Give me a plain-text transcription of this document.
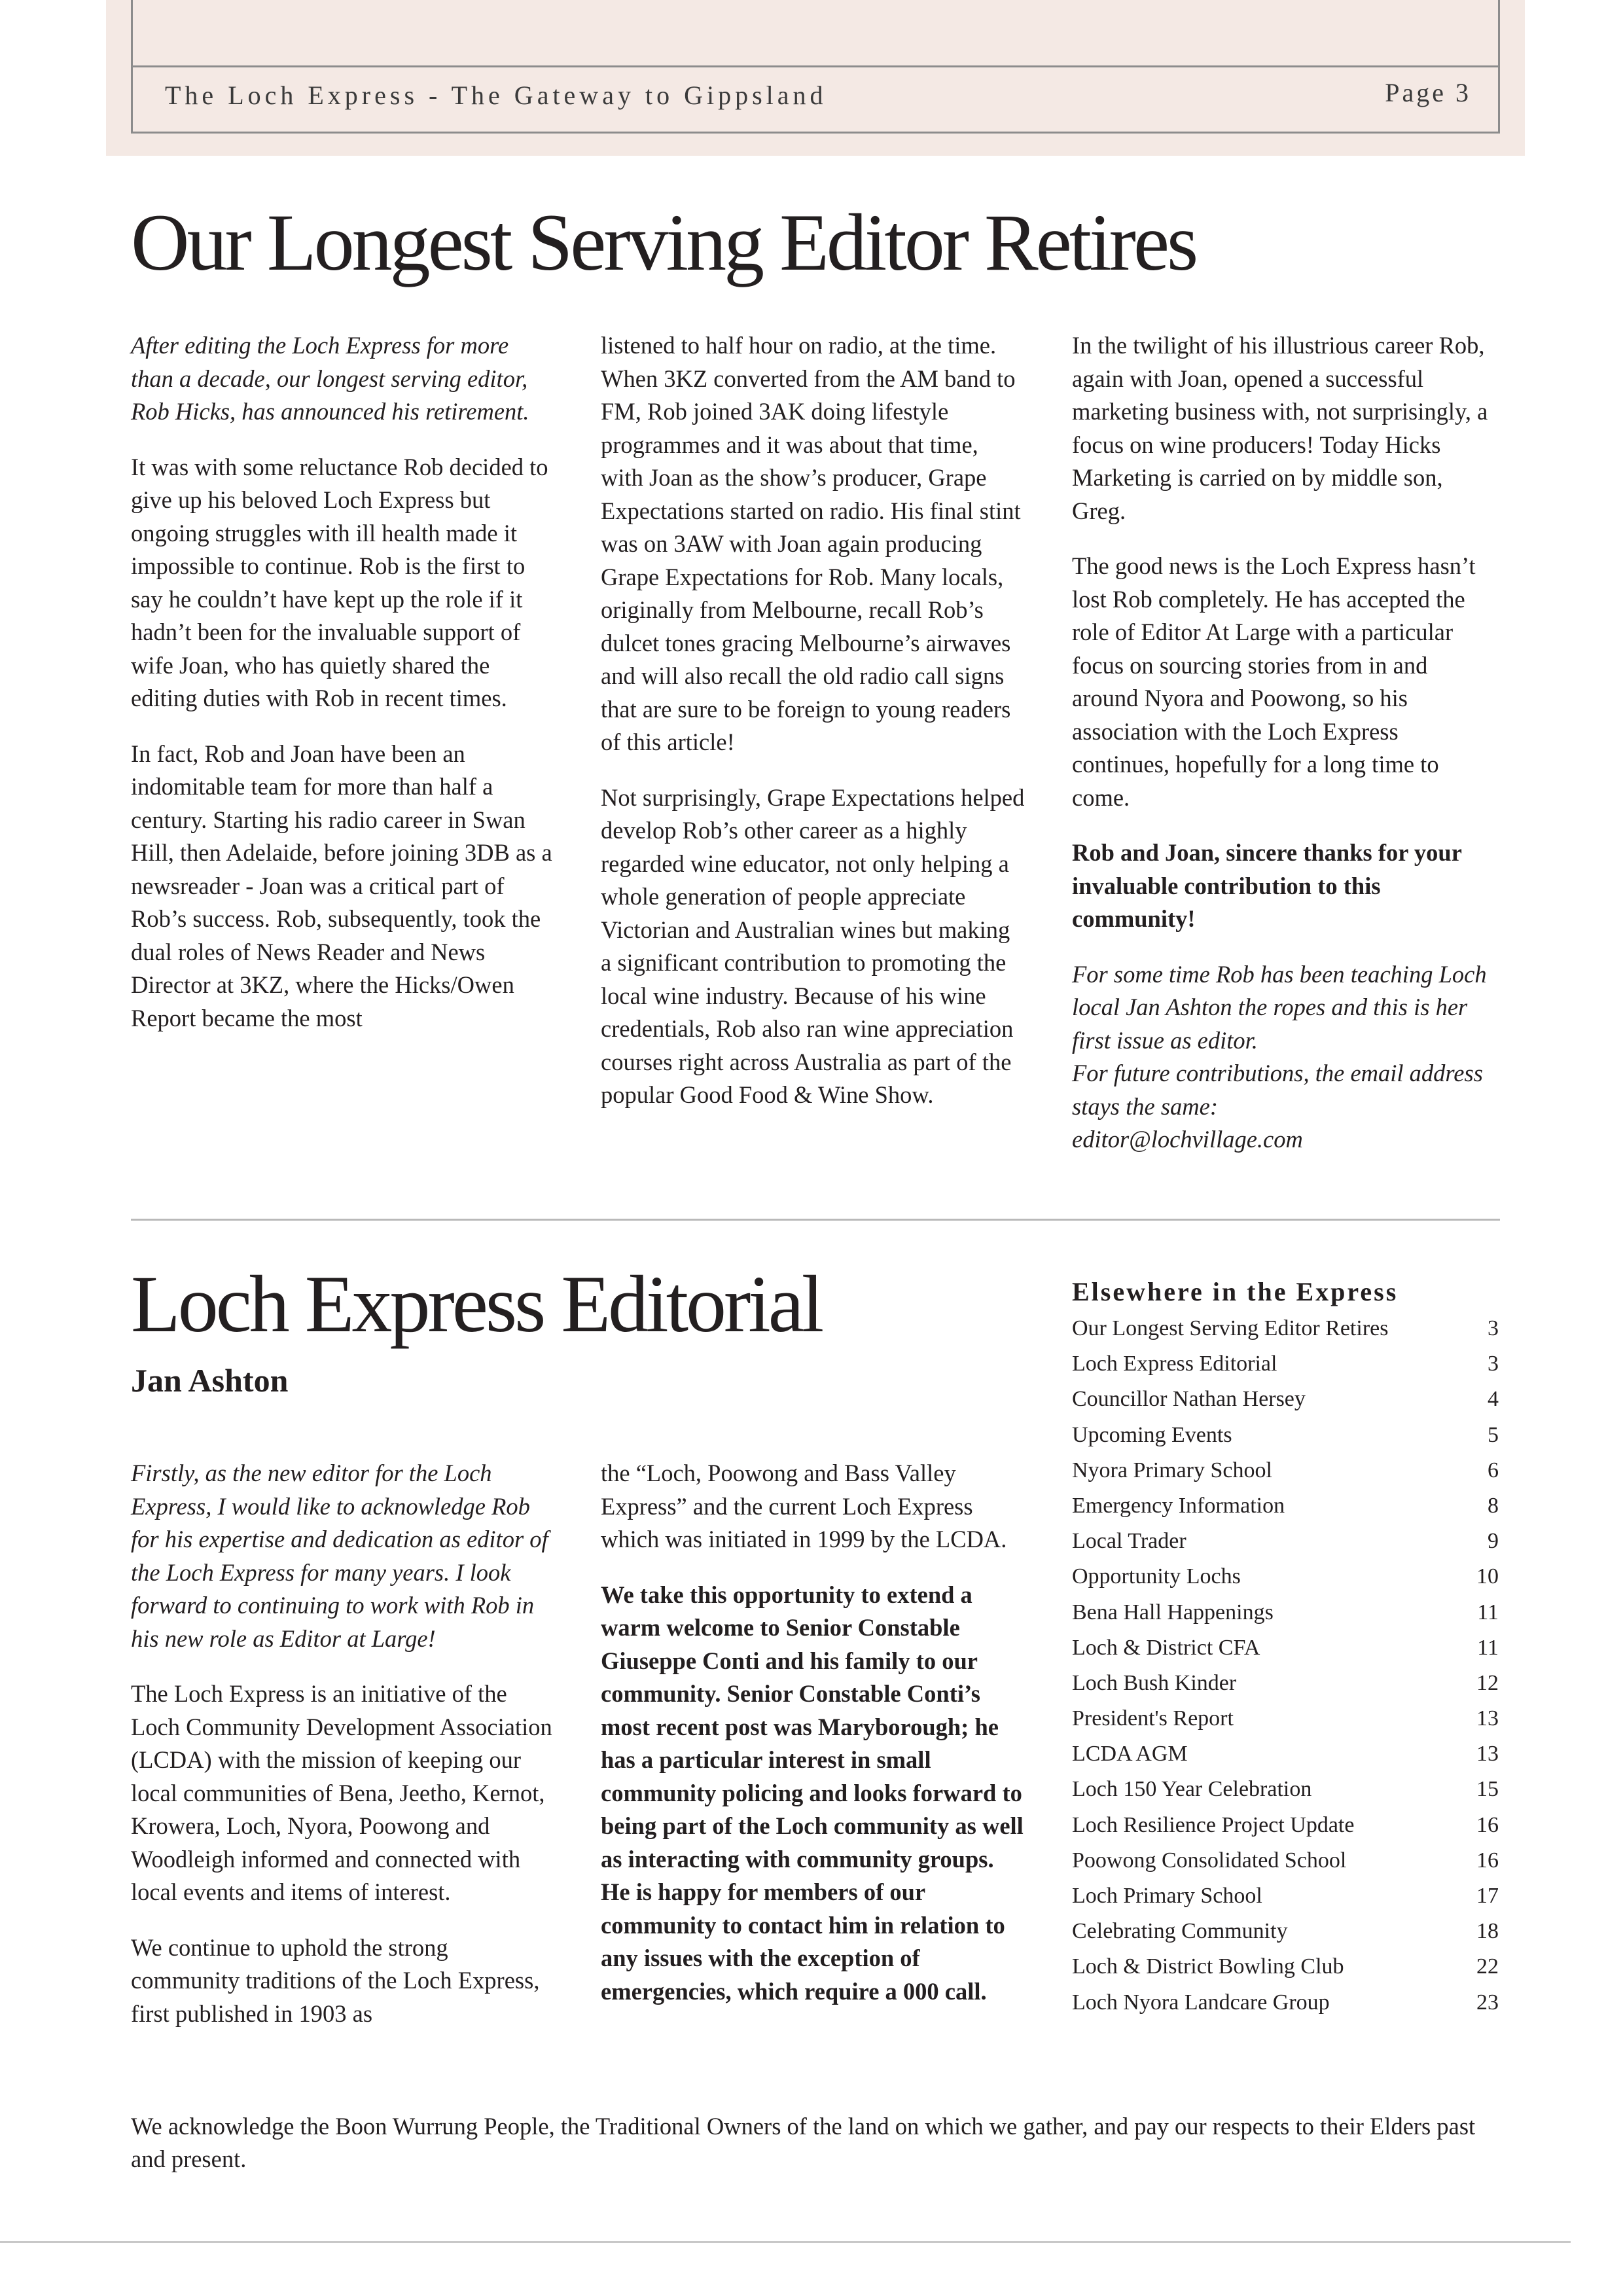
The Loch Express - The Gateway to Gippsland	Page 3
Our Longest Serving Editor Retires

After editing the Loch Express for more than a decade, our longest serving editor, Rob Hicks, has announced his retirement.

It was with some reluctance Rob decided to give up his beloved Loch Express but ongoing struggles with ill health made it impossible to continue. Rob is the first to say he couldn’t have kept up the role if it hadn’t been for the invaluable support of wife Joan, who has quietly shared the editing duties with Rob in recent times.

In fact, Rob and Joan have been an indomitable team for more than half a century. Starting his radio career in Swan Hill, then Adelaide, before joining 3DB as a newsreader - Joan was a critical part of Rob’s success. Rob, subsequently, took the dual roles of News Reader and News Director at 3KZ, where the Hicks/Owen Report became the most

listened to half hour on radio, at the time. When 3KZ converted from the AM band to FM, Rob joined 3AK doing lifestyle programmes and it was about that time, with Joan as the show’s producer, Grape Expectations started on radio. His final stint was on 3AW with Joan again producing Grape Expectations for Rob. Many locals, originally from Melbourne, recall Rob’s dulcet tones gracing Melbourne’s airwaves and will also recall the old radio call signs that are sure to be foreign to young readers of this article!

Not surprisingly, Grape Expectations helped develop Rob’s other career as a highly regarded wine educator, not only helping a whole generation of people appreciate Victorian and Australian wines but making a significant contribution to promoting the local wine industry. Because of his wine credentials, Rob also ran wine appreciation courses right across Australia as part of the popular Good Food & Wine Show.

In the twilight of his illustrious career Rob, again with Joan, opened a successful marketing business with, not surprisingly, a focus on wine producers! Today Hicks Marketing is carried on by middle son, Greg.

The good news is the Loch Express hasn’t lost Rob completely. He has accepted the role of Editor At Large with a particular focus on sourcing stories from in and around Nyora and Poowong, so his association with the Loch Express continues, hopefully for a long time to come.

Rob and Joan, sincere thanks for your invaluable contribution to this community!

For some time Rob has been teaching Loch local Jan Ashton the ropes and this is her first issue as editor.

For future contributions, the email address stays the same:

editor@lochvillage.com

Loch Express Editorial
Jan Ashton

Firstly, as the new editor for the Loch Express, I would like to acknowledge Rob for his expertise and dedication as editor of the Loch Express for many years. I look forward to continuing to work with Rob in his new role as Editor at Large!

The Loch Express is an initiative of the Loch Community Development Association (LCDA) with the mission of keeping our local communities of Bena, Jeetho, Kernot, Krowera, Loch, Nyora, Poowong and Woodleigh informed and connected with local events and items of interest.

We continue to uphold the strong community traditions of the Loch Express, first published in 1903 as

the “Loch, Poowong and Bass Valley Express” and the current Loch Express which was initiated in 1999 by the LCDA.

We take this opportunity to extend a warm welcome to Senior Constable Giuseppe Conti and his family to our community. Senior Constable Conti’s most recent post was Maryborough; he has a particular interest in small community policing and looks forward to being part of the Loch community as well as interacting with community groups. He is happy for members of our community to contact him in relation to any issues with the exception of emergencies, which require a 000 call.

Elsewhere in the Express
Our Longest Serving Editor Retires	3
Loch Express Editorial	3
Councillor Nathan Hersey	4
Upcoming Events	5
Nyora Primary School	6
Emergency Information	8
Local Trader	9
Opportunity Lochs	10
Bena Hall Happenings	11
Loch & District CFA	11
Loch Bush Kinder	12
President's Report	13
LCDA AGM	13
Loch 150 Year Celebration	15
Loch Resilience Project Update	16
Poowong Consolidated School	16
Loch Primary School	17
Celebrating Community	18
Loch & District Bowling Club	22
Loch Nyora Landcare Group	23

We acknowledge the Boon Wurrung People, the Traditional Owners of the land on which we gather, and pay our respects to their Elders past and present.
